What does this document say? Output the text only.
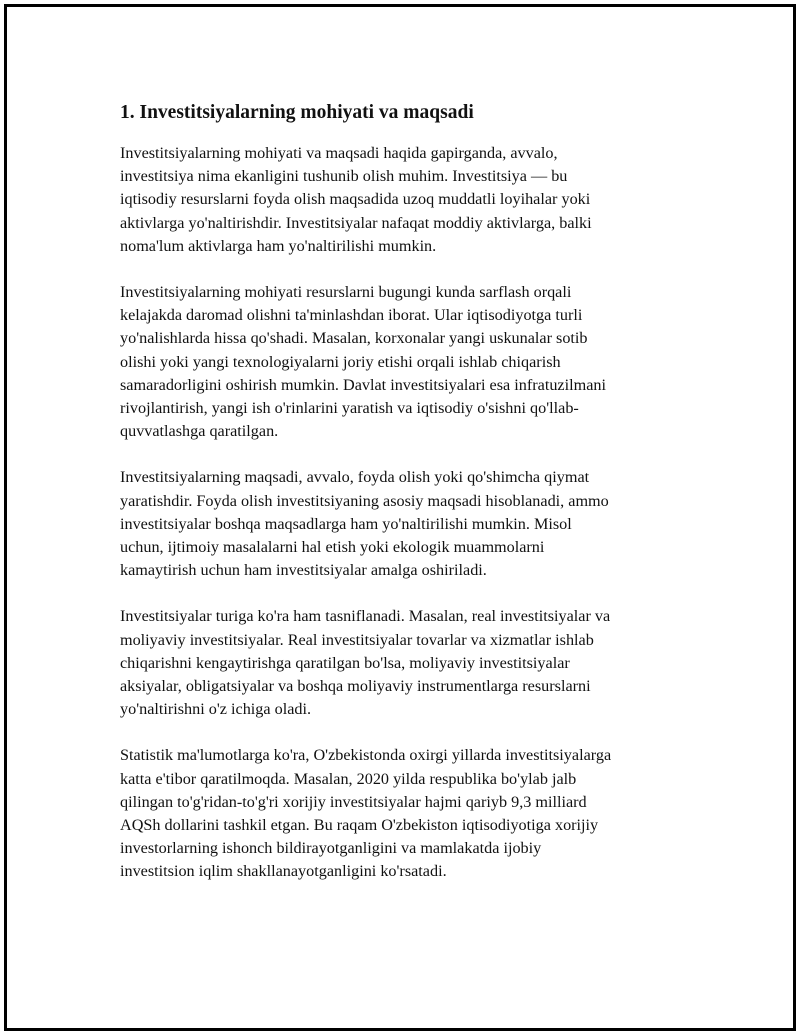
1. Investitsiyalarning mohiyati va maqsadi

Investitsiyalarning mohiyati va maqsadi haqida gapirganda, avvalo,
investitsiya nima ekanligini tushunib olish muhim. Investitsiya — bu
iqtisodiy resurslarni foyda olish maqsadida uzoq muddatli loyihalar yoki
aktivlarga yo'naltirishdir. Investitsiyalar nafaqat moddiy aktivlarga, balki
noma'lum aktivlarga ham yo'naltirilishi mumkin.

Investitsiyalarning mohiyati resurslarni bugungi kunda sarflash orqali
kelajakda daromad olishni ta'minlashdan iborat. Ular iqtisodiyotga turli
yo'nalishlarda hissa qo'shadi. Masalan, korxonalar yangi uskunalar sotib
olishi yoki yangi texnologiyalarni joriy etishi orqali ishlab chiqarish
samaradorligini oshirish mumkin. Davlat investitsiyalari esa infratuzilmani
rivojlantirish, yangi ish o'rinlarini yaratish va iqtisodiy o'sishni qo'llab-
quvvatlashga qaratilgan.

Investitsiyalarning maqsadi, avvalo, foyda olish yoki qo'shimcha qiymat
yaratishdir. Foyda olish investitsiyaning asosiy maqsadi hisoblanadi, ammo
investitsiyalar boshqa maqsadlarga ham yo'naltirilishi mumkin. Misol
uchun, ijtimoiy masalalarni hal etish yoki ekologik muammolarni
kamaytirish uchun ham investitsiyalar amalga oshiriladi.

Investitsiyalar turiga ko'ra ham tasniflanadi. Masalan, real investitsiyalar va
moliyaviy investitsiyalar. Real investitsiyalar tovarlar va xizmatlar ishlab
chiqarishni kengaytirishga qaratilgan bo'lsa, moliyaviy investitsiyalar
aksiyalar, obligatsiyalar va boshqa moliyaviy instrumentlarga resurslarni
yo'naltirishni o'z ichiga oladi.

Statistik ma'lumotlarga ko'ra, O'zbekistonda oxirgi yillarda investitsiyalarga
katta e'tibor qaratilmoqda. Masalan, 2020 yilda respublika bo'ylab jalb
qilingan to'g'ridan-to'g'ri xorijiy investitsiyalar hajmi qariyb 9,3 milliard
AQSh dollarini tashkil etgan. Bu raqam O'zbekiston iqtisodiyotiga xorijiy
investorlarning ishonch bildirayotganligini va mamlakatda ijobiy
investitsion iqlim shakllanayotganligini ko'rsatadi.
